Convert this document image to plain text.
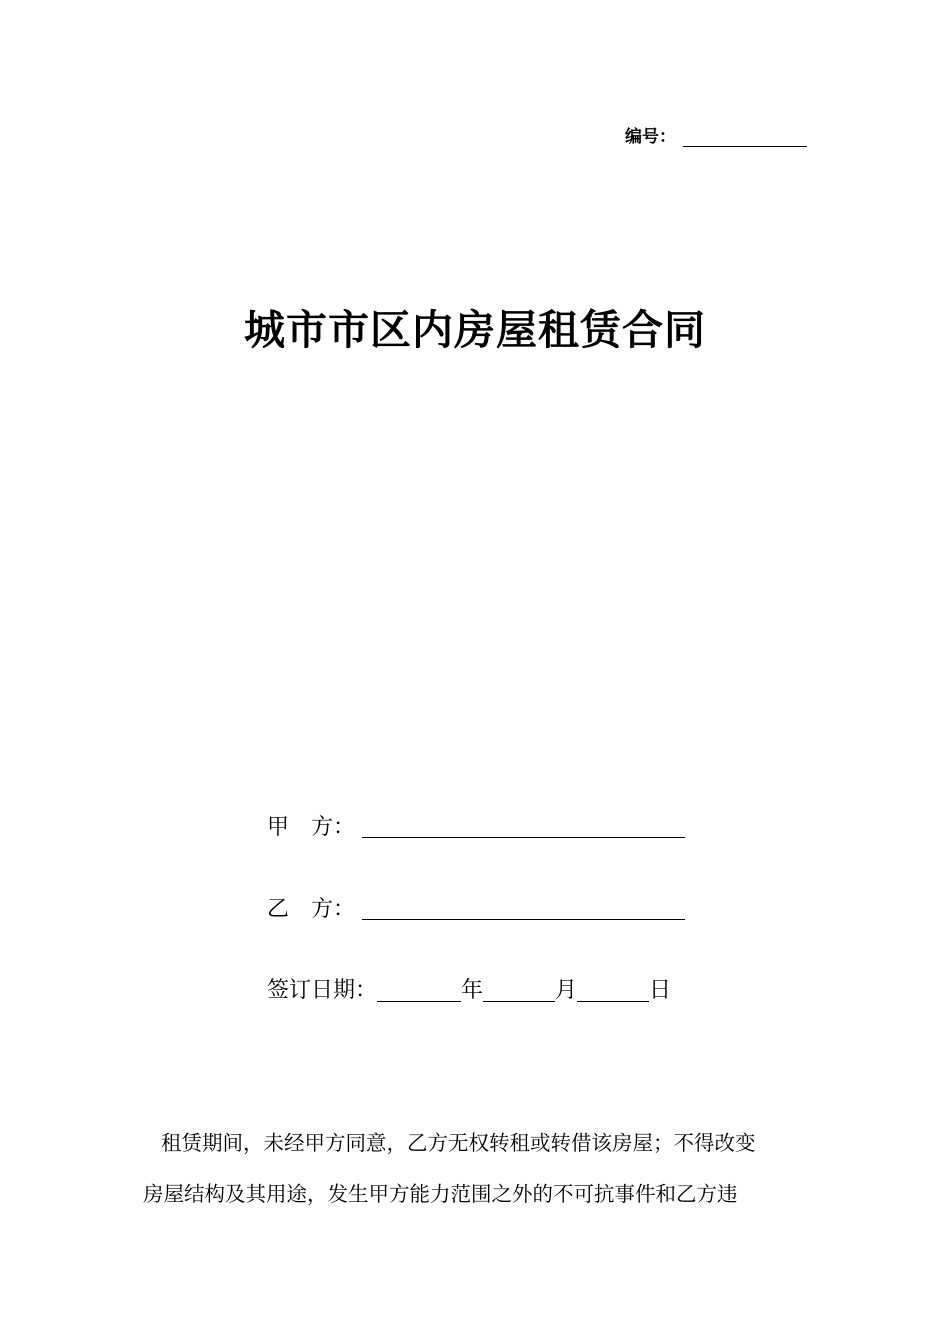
编号：
城市市区内房屋租赁合同
甲　方：
乙　方：
签订日期：	年	月	日
租赁期间，未经甲方同意，乙方无权转租或转借该房屋；不得改变
房屋结构及其用途，发生甲方能力范围之外的不可抗事件和乙方违
